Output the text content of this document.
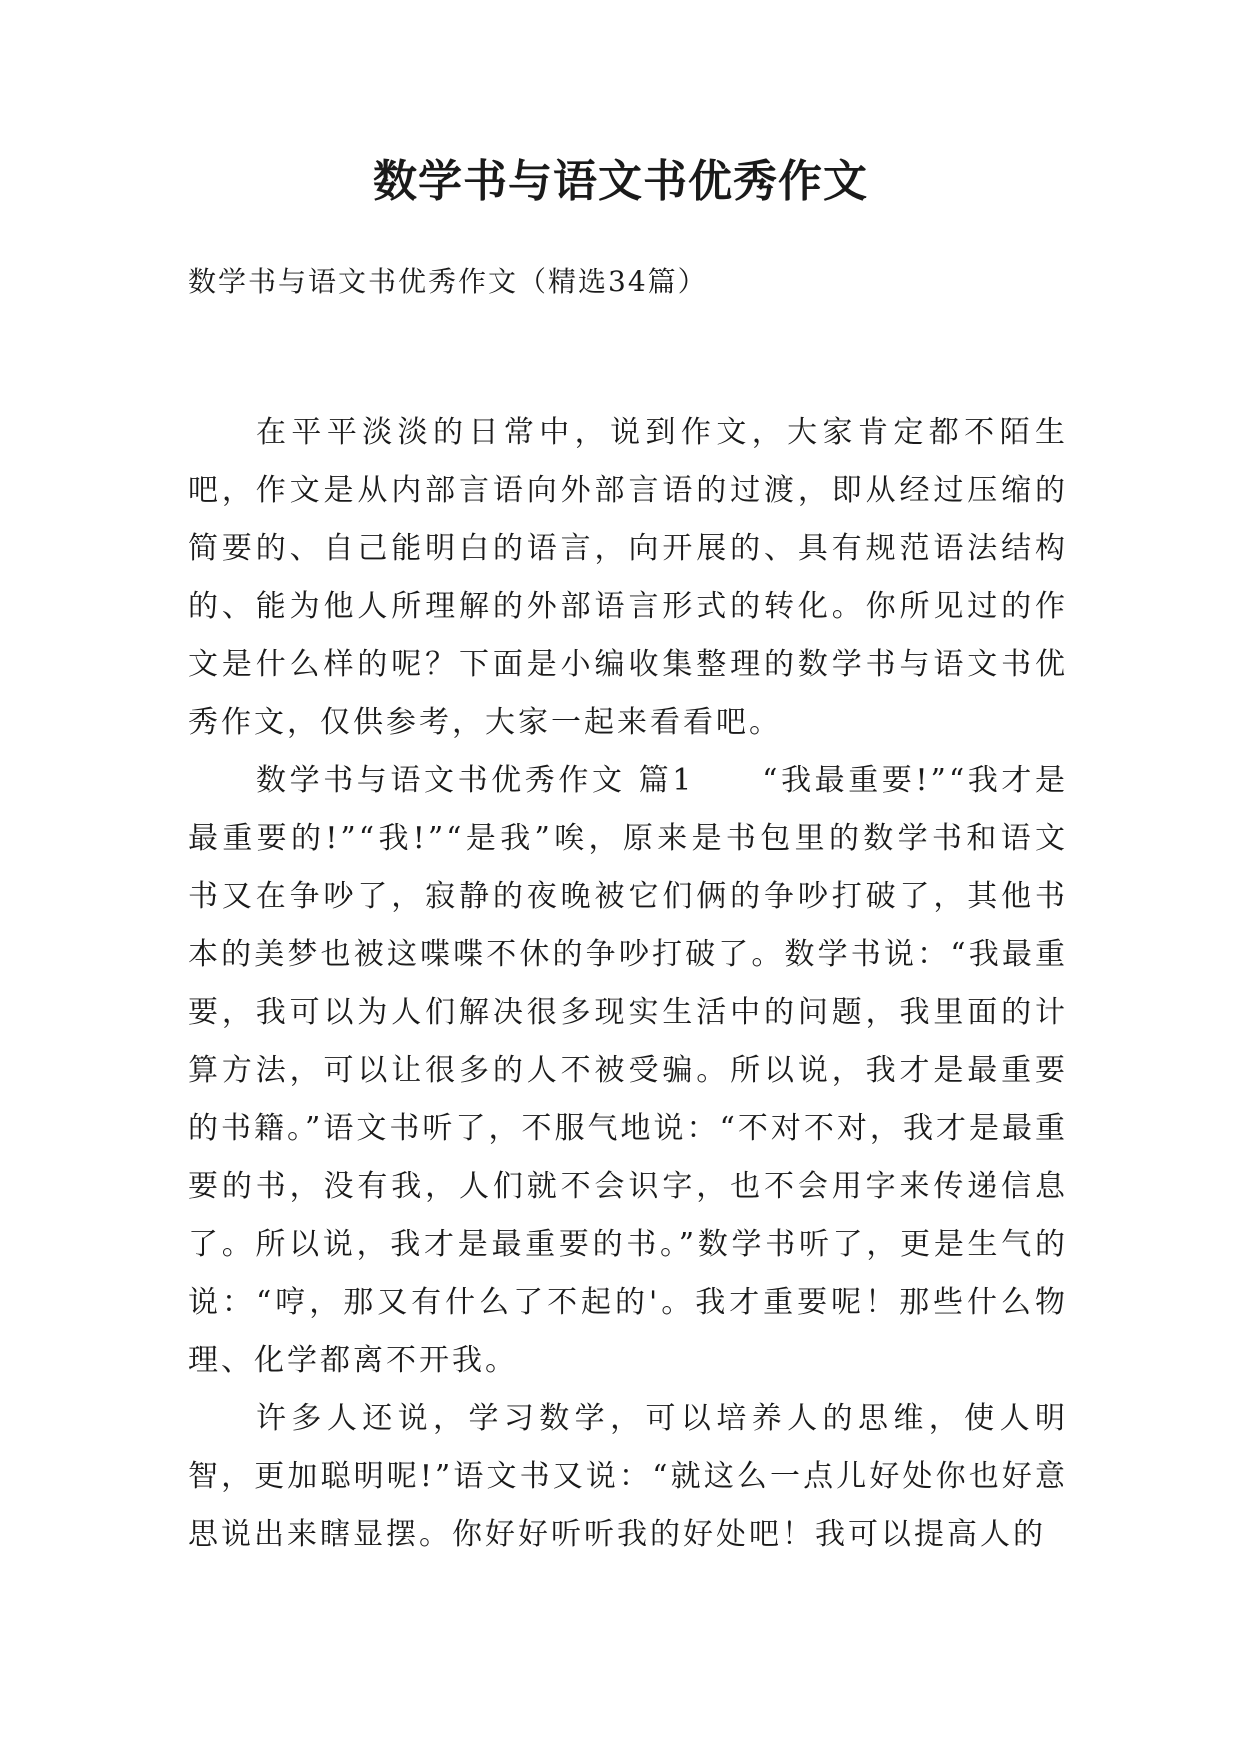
数学书与语文书优秀作文
数学书与语文书优秀作文（精选34篇）

在平平淡淡的日常中，说到作文，大家肯定都不陌生吧，作文是从内部言语向外部言语的过渡，即从经过压缩的简要的、自己能明白的语言，向开展的、具有规范语法结构的、能为他人所理解的外部语言形式的转化。你所见过的作文是什么样的呢？下面是小编收集整理的数学书与语文书优秀作文，仅供参考，大家一起来看看吧。

数学书与语文书优秀作文 篇1　　“我最重要!”“我才是最重要的!”“我!”“是我”唉，原来是书包里的数学书和语文书又在争吵了，寂静的夜晚被它们俩的争吵打破了，其他书本的美梦也被这喋喋不休的争吵打破了。数学书说：“我最重要，我可以为人们解决很多现实生活中的问题，我里面的计算方法，可以让很多的人不被受骗。所以说，我才是最重要的书籍。”语文书听了，不服气地说：“不对不对，我才是最重要的书，没有我，人们就不会识字，也不会用字来传递信息了。所以说，我才是最重要的书。”数学书听了，更是生气的说：“哼，那又有什么了不起的'。我才重要呢！那些什么物理、化学都离不开我。

许多人还说，学习数学，可以培养人的思维，使人明智，更加聪明呢!”语文书又说：“就这么一点儿好处你也好意思说出来瞎显摆。你好好听听我的好处吧！我可以提高人的
